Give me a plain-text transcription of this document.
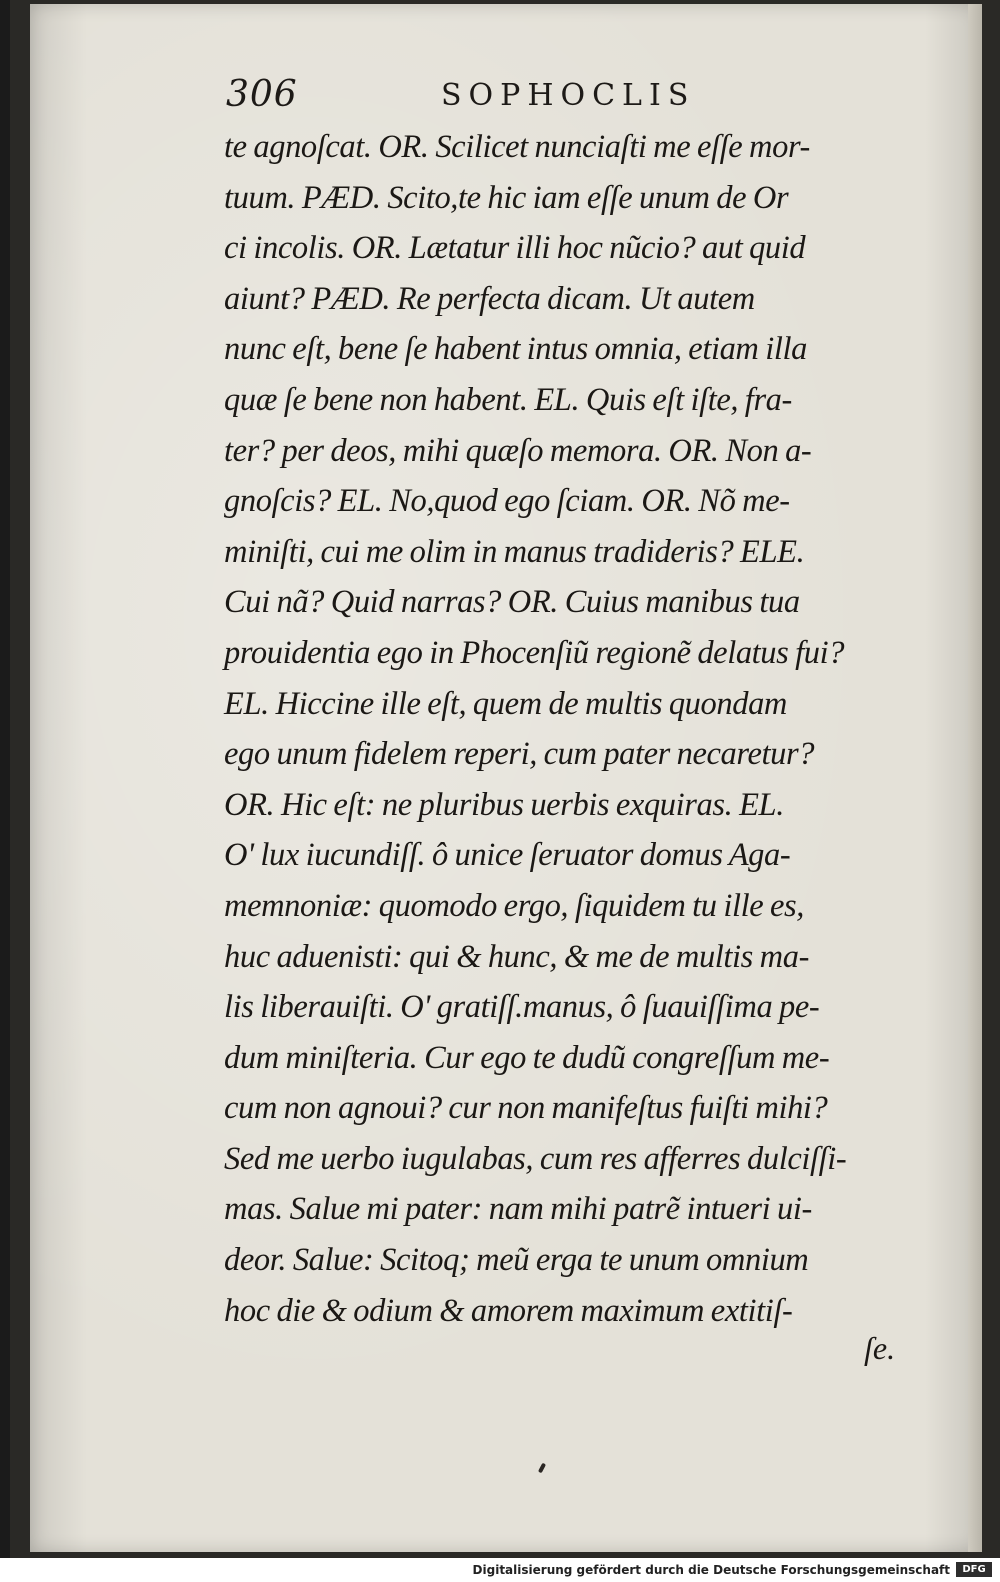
306	SOPHOCLIS
te agnoſcat. OR. Scilicet nunciaſti me eſſe mor-
tuum. PÆD. Scito,te hic iam eſſe unum de Or
ci incolis. OR. Lætatur illi hoc nũcio? aut quid
aiunt? PÆD. Re perfecta dicam. Ut autem
nunc eſt, bene ſe habent intus omnia, etiam illa
quæ ſe bene non habent. EL. Quis eſt iſte, fra-
ter? per deos, mihi quæſo memora. OR. Non a-
gnoſcis? EL. No,quod ego ſciam. OR. Nõ me-
miniſti, cui me olim in manus tradideris? ELE.
Cui nã? Quid narras? OR. Cuius manibus tua
prouidentia ego in Phocenſiũ regionẽ delatus fui?
EL. Hiccine ille eſt, quem de multis quondam
ego unum fidelem reperi, cum pater necaretur?
OR. Hic eſt: ne pluribus uerbis exquiras. EL.
O' lux iucundiſſ. ô unice ſeruator domus Aga-
memnoniæ: quomodo ergo, ſiquidem tu ille es,
huc aduenisti: qui & hunc, & me de multis ma-
lis liberauiſti. O' gratiſſ.manus, ô ſuauiſſima pe-
dum miniſteria. Cur ego te dudũ congreſſum me-
cum non agnoui? cur non manifeſtus fuiſti mihi?
Sed me uerbo iugulabas, cum res afferres dulciſſi-
mas. Salue mi pater: nam mihi patrẽ intueri ui-
deor. Salue: Scitoq; meũ erga te unum omnium
hoc die & odium & amorem maximum extitiſ-
ſe.
Digitalisierung gefördert durch die Deutsche Forschungsgemeinschaft	DFG
